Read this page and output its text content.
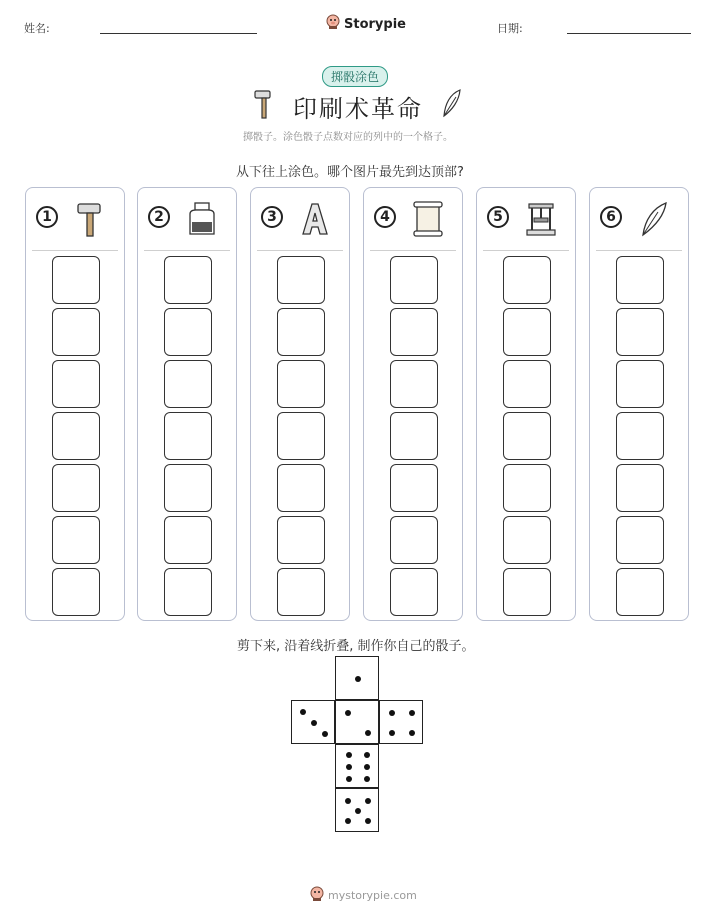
姓名:	Storypie	日期:
掷骰涂色
印刷术革命
掷骰子。涂色骰子点数对应的列中的一个格子。
从下往上涂色。哪个图片最先到达顶部?
1	2	3	4	5	6
剪下来, 沿着线折叠, 制作你自己的骰子。
mystorypie.com
